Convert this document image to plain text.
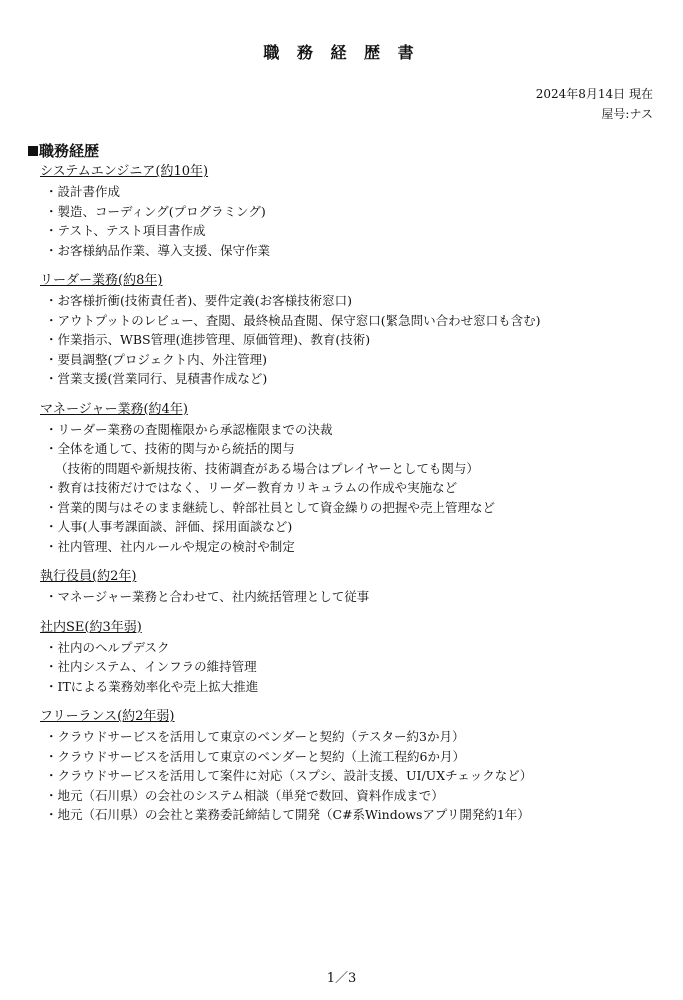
職 務 経 歴 書
2024年8月14日 現在
屋号:ナス
職務経歴
システムエンジニア(約10年)
・設計書作成
・製造、コーディング(プログラミング)
・テスト、テスト項目書作成
・お客様納品作業、導入支援、保守作業
リーダー業務(約8年)
・お客様折衝(技術責任者)、要件定義(お客様技術窓口)
・アウトプットのレビュー、査閲、最終検品査閲、保守窓口(緊急問い合わせ窓口も含む)
・作業指示、WBS管理(進捗管理、原価管理)、教育(技術)
・要員調整(プロジェクト内、外注管理)
・営業支援(営業同行、見積書作成など)
マネージャー業務(約4年)
・リーダー業務の査閲権限から承認権限までの決裁
・全体を通して、技術的関与から統括的関与
（技術的問題や新規技術、技術調査がある場合はプレイヤーとしても関与）
・教育は技術だけではなく、リーダー教育カリキュラムの作成や実施など
・営業的関与はそのまま継続し、幹部社員として資金繰りの把握や売上管理など
・人事(人事考課面談、評価、採用面談など)
・社内管理、社内ルールや規定の検討や制定
執行役員(約2年)
・マネージャー業務と合わせて、社内統括管理として従事
社内SE(約3年弱)
・社内のヘルプデスク
・社内システム、インフラの維持管理
・ITによる業務効率化や売上拡大推進
フリーランス(約2年弱)
・クラウドサービスを活用して東京のベンダーと契約（テスター約3か月）
・クラウドサービスを活用して東京のベンダーと契約（上流工程約6か月）
・クラウドサービスを活用して案件に対応（スプシ、設計支援、UI/UXチェックなど）
・地元（石川県）の会社のシステム相談（単発で数回、資料作成まで）
・地元（石川県）の会社と業務委託締結して開発（C#系Windowsアプリ開発約1年）
1／3
